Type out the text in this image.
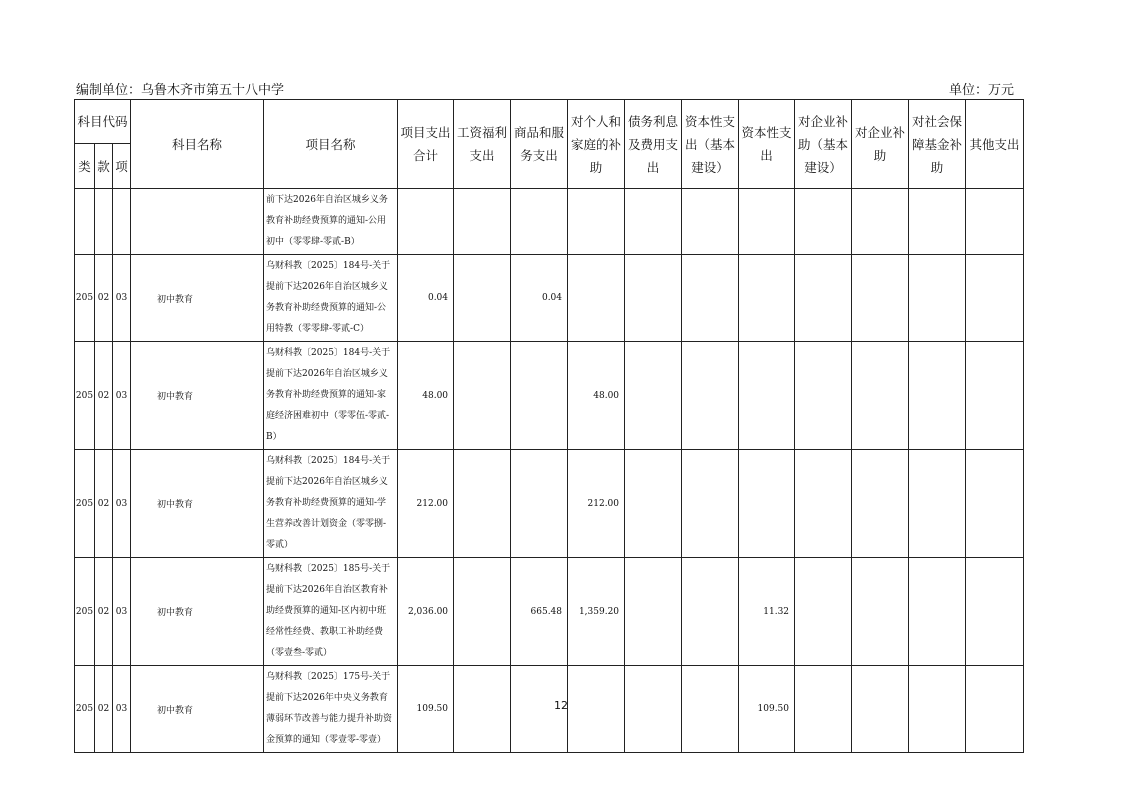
编制单位：乌鲁木齐市第五十八中学	单位：万元
科目代码			科目名称	项目名称	项目支出合计	工资福利支出	商品和服务支出	对个人和家庭的补助	债务利息及费用支出	资本性支出（基本建设）	资本性支出	对企业补助（基本建设）	对企业补助	对社会保障基金补助	其他支出
类	款	项													
				前下达2026年自治区城乡义务教育补助经费预算的通知-公用初中（零零肆-零贰-B）											
205	02	03	初中教育	乌财科教〔2025〕184号-关于提前下达2026年自治区城乡义务教育补助经费预算的通知-公用特教（零零肆-零贰-C）	0.04		0.04								
205	02	03	初中教育	乌财科教〔2025〕184号-关于提前下达2026年自治区城乡义务教育补助经费预算的通知-家庭经济困难初中（零零伍-零贰-B）	48.00			48.00							
205	02	03	初中教育	乌财科教〔2025〕184号-关于提前下达2026年自治区城乡义务教育补助经费预算的通知-学生营养改善计划资金（零零捌-零贰）	212.00			212.00							
205	02	03	初中教育	乌财科教〔2025〕185号-关于提前下达2026年自治区教育补助经费预算的通知-区内初中班经常性经费、教职工补助经费（零壹叁-零贰）	2,036.00		665.48	1,359.20			11.32				
205	02	03	初中教育	乌财科教〔2025〕175号-关于提前下达2026年中央义务教育薄弱环节改善与能力提升补助资金预算的通知（零壹零-零壹）	109.50						109.50				
12
